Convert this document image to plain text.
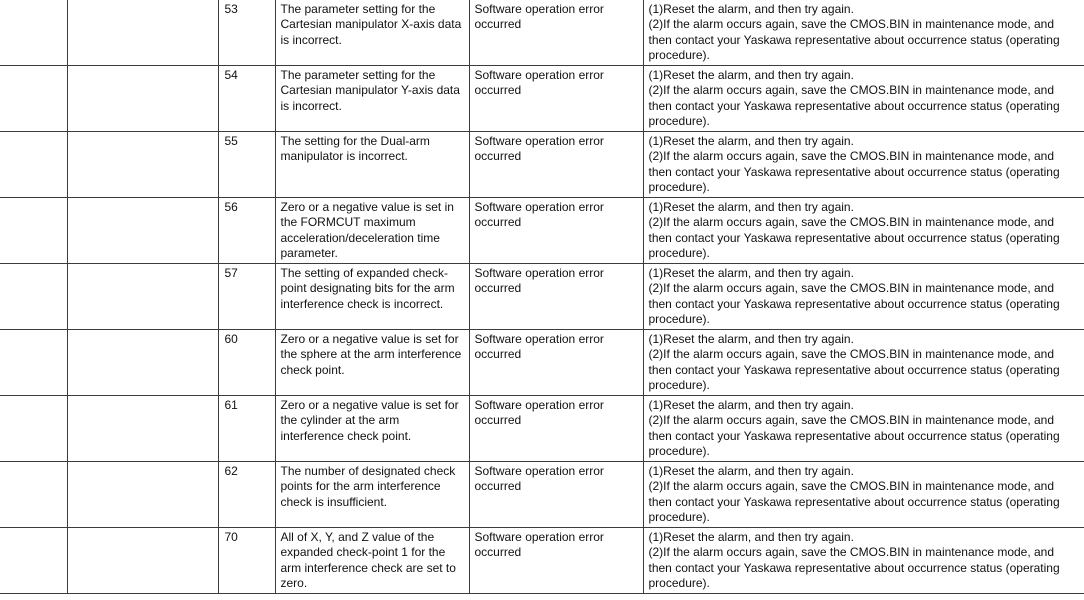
		53	The parameter setting for the Cartesian manipulator X-axis data is incorrect.	Software operation error occurred	(1)Reset the alarm, and then try again.
(2)If the alarm occurs again, save the CMOS.BIN in maintenance mode, and then contact your Yaskawa representative about occurrence status (operating procedure).

		54	The parameter setting for the Cartesian manipulator Y-axis data is incorrect.	Software operation error occurred	(1)Reset the alarm, and then try again.
(2)If the alarm occurs again, save the CMOS.BIN in maintenance mode, and then contact your Yaskawa representative about occurrence status (operating procedure).

		55	The setting for the Dual-arm manipulator is incorrect.	Software operation error occurred	(1)Reset the alarm, and then try again.
(2)If the alarm occurs again, save the CMOS.BIN in maintenance mode, and then contact your Yaskawa representative about occurrence status (operating procedure).

		56	Zero or a negative value is set in the FORMCUT maximum acceleration/deceleration time parameter.	Software operation error occurred	(1)Reset the alarm, and then try again.
(2)If the alarm occurs again, save the CMOS.BIN in maintenance mode, and then contact your Yaskawa representative about occurrence status (operating procedure).

		57	The setting of expanded check-point designating bits for the arm interference check is incorrect.	Software operation error occurred	(1)Reset the alarm, and then try again.
(2)If the alarm occurs again, save the CMOS.BIN in maintenance mode, and then contact your Yaskawa representative about occurrence status (operating procedure).

		60	Zero or a negative value is set for the sphere at the arm interference check point.	Software operation error occurred	(1)Reset the alarm, and then try again.
(2)If the alarm occurs again, save the CMOS.BIN in maintenance mode, and then contact your Yaskawa representative about occurrence status (operating procedure).

		61	Zero or a negative value is set for the cylinder at the arm interference check point.	Software operation error occurred	(1)Reset the alarm, and then try again.
(2)If the alarm occurs again, save the CMOS.BIN in maintenance mode, and then contact your Yaskawa representative about occurrence status (operating procedure).

		62	The number of designated check points for the arm interference check is insufficient.	Software operation error occurred	(1)Reset the alarm, and then try again.
(2)If the alarm occurs again, save the CMOS.BIN in maintenance mode, and then contact your Yaskawa representative about occurrence status (operating procedure).

		70	All of X, Y, and Z value of the expanded check-point 1 for the arm interference check are set to zero.	Software operation error occurred	(1)Reset the alarm, and then try again.
(2)If the alarm occurs again, save the CMOS.BIN in maintenance mode, and then contact your Yaskawa representative about occurrence status (operating procedure).
